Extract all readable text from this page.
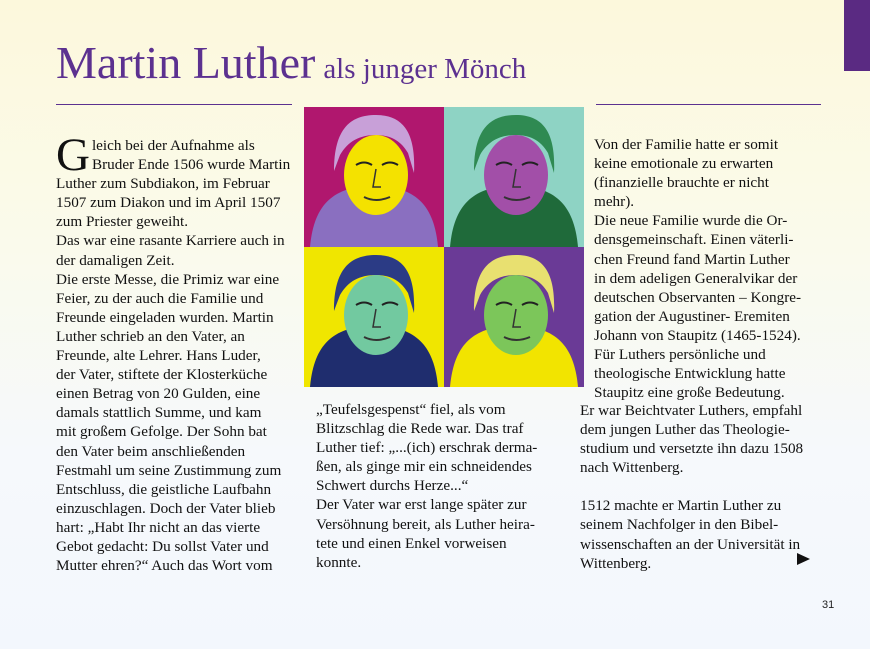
Martin Luther als junger Mönch
G leich bei der Aufnahme als
Bruder Ende 1506 wurde Martin
Luther zum Subdiakon, im Februar
1507 zum Diakon und im April 1507
zum Priester geweiht.
Das war eine rasante Karriere auch in
der damaligen Zeit.
Die erste Messe, die Primiz war eine
Feier, zu der auch die Familie und
Freunde eingeladen wurden. Martin
Luther schrieb an den Vater, an
Freunde, alte Lehrer. Hans Luder,
der Vater, stiftete der Klosterküche
einen Betrag von 20 Gulden, eine
damals stattlich Summe, und kam
mit großem Gefolge. Der Sohn bat
den Vater beim anschließenden
Festmahl um seine Zustimmung zum
Entschluss, die geistliche Laufbahn
einzuschlagen. Doch der Vater blieb
hart: „Habt Ihr nicht an das vierte
Gebot gedacht: Du sollst Vater und
Mutter ehren?“ Auch das Wort vom
„Teufelsgespenst“ fiel, als vom
Blitzschlag die Rede war. Das traf
Luther tief: „...(ich) erschrak derma-
ßen, als ginge mir ein schneidendes
Schwert durchs Herze...“
Der Vater war erst lange später zur
Versöhnung bereit, als Luther heira-
tete und einen Enkel vorweisen
konnte.
Von der Familie hatte er somit
keine emotionale zu erwarten
(finanzielle brauchte er nicht
mehr).
Die neue Familie wurde die Or-
densgemeinschaft. Einen väterli-
chen Freund fand Martin Luther
in dem adeligen Generalvikar der
deutschen Observanten – Kongre-
gation der Augustiner- Eremiten
Johann von Staupitz (1465-1524).
Für Luthers persönliche und
theologische Entwicklung hatte
Staupitz eine große Bedeutung.
Er war Beichtvater Luthers, empfahl
dem jungen Luther das Theologie-
studium und versetzte ihn dazu 1508
nach Wittenberg.
1512 machte er Martin Luther zu
seinem Nachfolger in den Bibel-
wissenschaften an der Universität in
Wittenberg.
31
